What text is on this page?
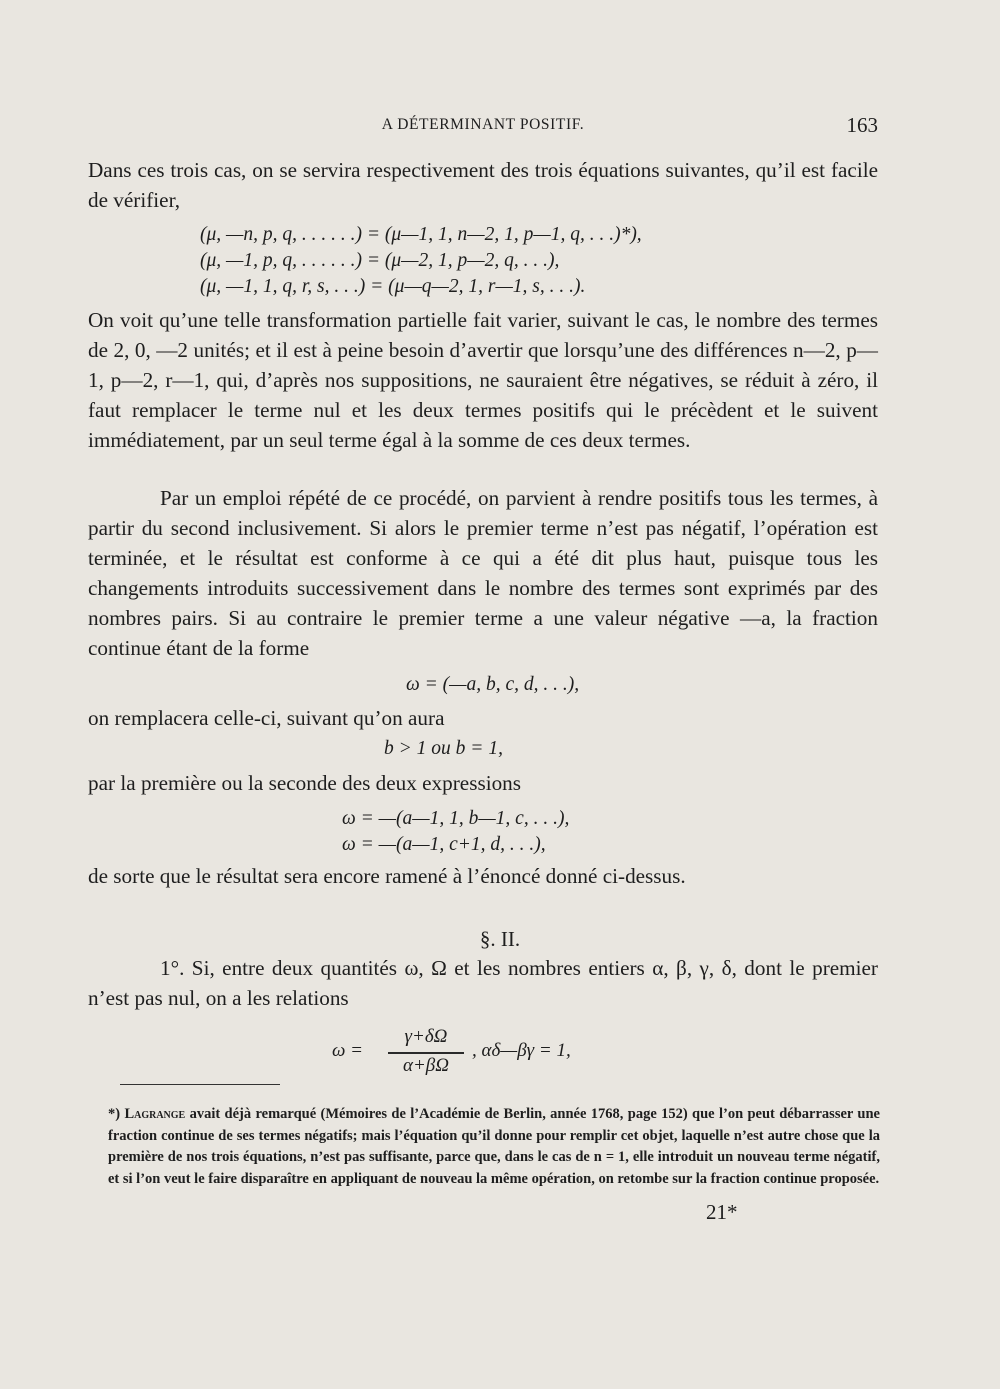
A DÉTERMINANT POSITIF.	163

Dans ces trois cas, on se servira respectivement des trois équations suivantes, qu’il est facile de vérifier,

(μ, —n, p, q, . . . . . .) = (μ—1, 1, n—2, 1, p—1, q, . . .)*),
(μ, —1, p, q, . . . . . .) = (μ—2, 1, p—2, q, . . .),
(μ, —1, 1, q, r, s, . . .) = (μ—q—2, 1, r—1, s, . . .).

On voit qu’une telle transformation partielle fait varier, suivant le cas, le nombre des termes de 2, 0, —2 unités; et il est à peine besoin d’avertir que lorsqu’une des différences n—2, p—1, p—2, r—1, qui, d’après nos suppositions, ne sauraient être négatives, se réduit à zéro, il faut remplacer le terme nul et les deux termes positifs qui le précèdent et le suivent immédiatement, par un seul terme égal à la somme de ces deux termes.

Par un emploi répété de ce procédé, on parvient à rendre positifs tous les termes, à partir du second inclusivement. Si alors le premier terme n’est pas négatif, l’opération est terminée, et le résultat est conforme à ce qui a été dit plus haut, puisque tous les changements introduits successivement dans le nombre des termes sont exprimés par des nombres pairs. Si au contraire le premier terme a une valeur négative —a, la fraction continue étant de la forme

ω = (—a, b, c, d, . . .),

on remplacera celle-ci, suivant qu’on aura

b > 1 ou b = 1,

par la première ou la seconde des deux expressions

ω = —(a—1, 1, b—1, c, . . .),
ω = —(a—1, c+1, d, . . .),

de sorte que le résultat sera encore ramené à l’énoncé donné ci-dessus.

§. II.

1°. Si, entre deux quantités ω, Ω et les nombres entiers α, β, γ, δ, dont le premier n’est pas nul, on a les relations

ω =
γ+δΩ
α+βΩ
, αδ—βγ = 1,

*) Lagrange avait déjà remarqué (Mémoires de l’Académie de Berlin, année 1768, page 152) que l’on peut débarrasser une fraction continue de ses termes négatifs; mais l’équation qu’il donne pour remplir cet objet, laquelle n’est autre chose que la première de nos trois équations, n’est pas suffisante, parce que, dans le cas de n = 1, elle introduit un nouveau terme négatif, et si l’on veut le faire disparaître en appliquant de nouveau la même opération, on retombe sur la fraction continue proposée.

21*
